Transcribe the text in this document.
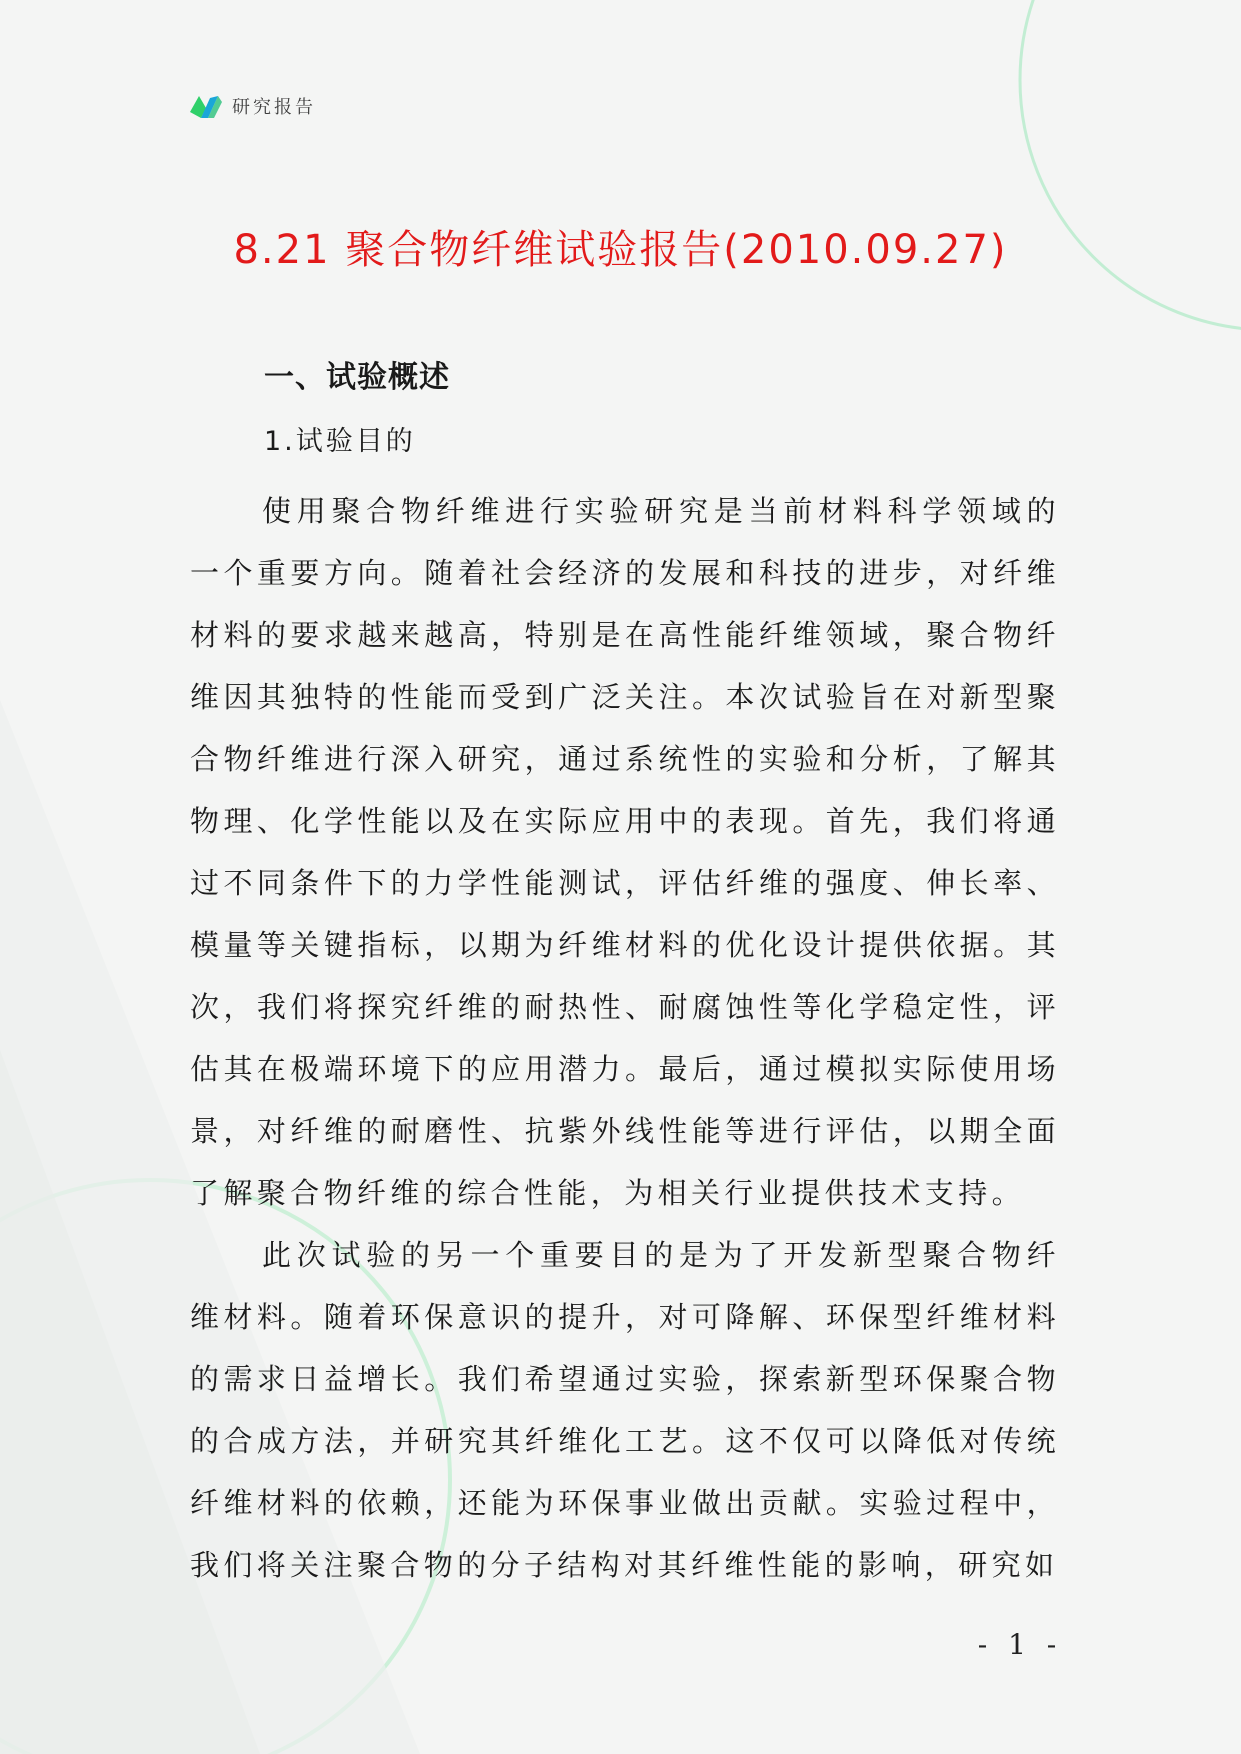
研究报告
8.21 聚合物纤维试验报告(2010.09.27)
一、试验概述
1.试验目的

使用聚合物纤维进行实验研究是当前材料科学领域的一个重要方向。随着社会经济的发展和科技的进步，对纤维材料的要求越来越高，特别是在高性能纤维领域，聚合物纤维因其独特的性能而受到广泛关注。本次试验旨在对新型聚合物纤维进行深入研究，通过系统性的实验和分析，了解其物理、化学性能以及在实际应用中的表现。首先，我们将通过不同条件下的力学性能测试，评估纤维的强度、伸长率、模量等关键指标，以期为纤维材料的优化设计提供依据。其次，我们将探究纤维的耐热性、耐腐蚀性等化学稳定性，评估其在极端环境下的应用潜力。最后，通过模拟实际使用场景，对纤维的耐磨性、抗紫外线性能等进行评估，以期全面了解聚合物纤维的综合性能，为相关行业提供技术支持。

此次试验的另一个重要目的是为了开发新型聚合物纤维材料。随着环保意识的提升，对可降解、环保型纤维材料的需求日益增长。我们希望通过实验，探索新型环保聚合物的合成方法，并研究其纤维化工艺。这不仅可以降低对传统纤维材料的依赖，还能为环保事业做出贡献。实验过程中，我们将关注聚合物的分子结构对其纤维性能的影响，研究如

- 1 -
